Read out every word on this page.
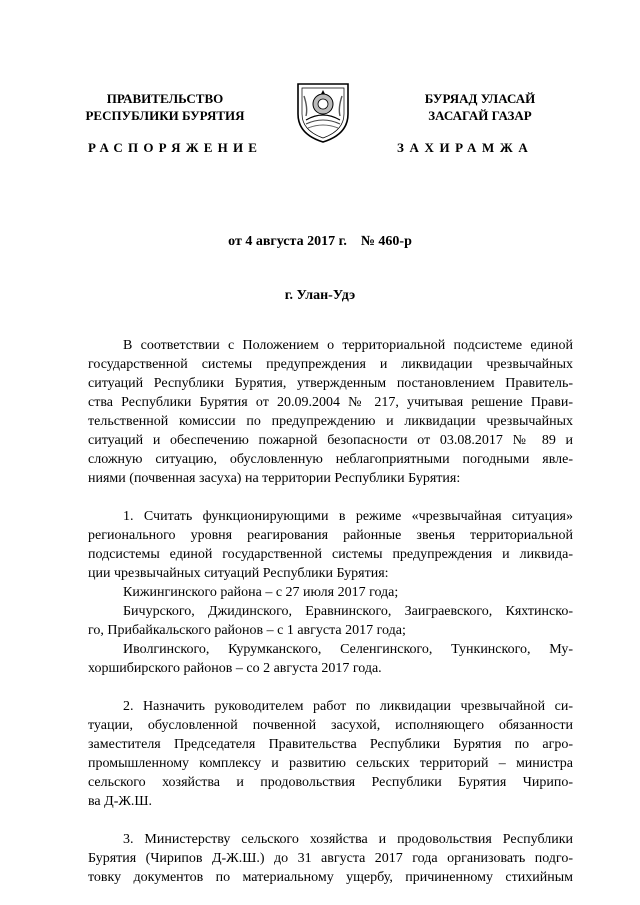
ПРАВИТЕЛЬСТВО
РЕСПУБЛИКИ БУРЯТИЯ
БУРЯАД УЛАСАЙ
ЗАСАГАЙ ГАЗАР
РАСПОРЯЖЕНИЕ	ЗАХИРАМЖА
от 4 августа 2017 г.    № 460-р
г. Улан-Удэ
В соответствии с Положением о территориальной подсистеме единой
государственной системы предупреждения и ликвидации чрезвычайных
ситуаций Республики Бурятия, утвержденным постановлением Правитель-
ства Республики Бурятия от 20.09.2004 № 217, учитывая решение Прави-
тельственной комиссии по предупреждению и ликвидации чрезвычайных
ситуаций и обеспечению пожарной безопасности от 03.08.2017 № 89 и
сложную ситуацию, обусловленную неблагоприятными погодными явле-
ниями (почвенная засуха) на территории Республики Бурятия:
1. Считать функционирующими в режиме «чрезвычайная ситуация»
регионального уровня реагирования районные звенья территориальной
подсистемы единой государственной системы предупреждения и ликвида-
ции чрезвычайных ситуаций Республики Бурятия:
Кижингинского района – с 27 июля 2017 года;
Бичурского, Джидинского, Еравнинского, Заиграевского, Кяхтинско-
го, Прибайкальского районов – с 1 августа 2017 года;
Иволгинского, Курумканского, Селенгинского, Тункинского, Му-
хоршибирского районов – со 2 августа 2017 года.
2. Назначить руководителем работ по ликвидации чрезвычайной си-
туации, обусловленной почвенной засухой, исполняющего обязанности
заместителя Председателя Правительства Республики Бурятия по агро-
промышленному комплексу и развитию сельских территорий – министра
сельского хозяйства и продовольствия Республики Бурятия Чирипо-
ва Д-Ж.Ш.
3. Министерству сельского хозяйства и продовольствия Республики
Бурятия (Чирипов Д-Ж.Ш.) до 31 августа 2017 года организовать подго-
товку документов по материальному ущербу, причиненному стихийным
